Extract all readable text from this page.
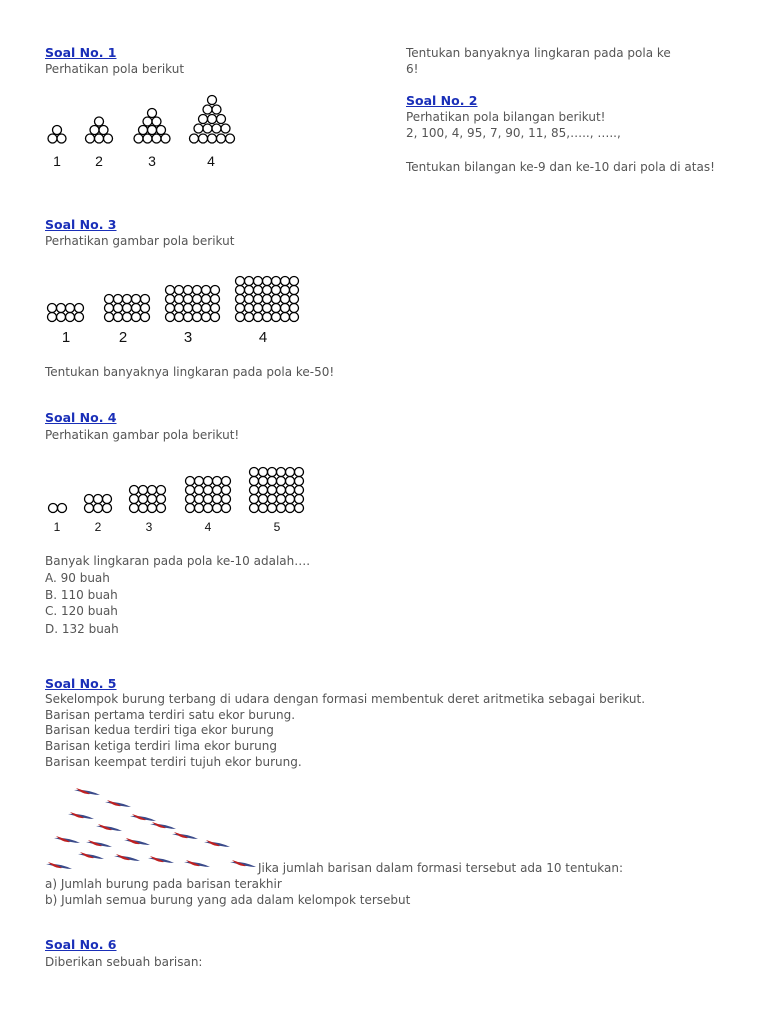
Soal No. 1
Perhatikan pola berikut
1 2	3	4
Tentukan banyaknya lingkaran pada pola ke
6!
Soal No. 2
Perhatikan pola bilangan berikut!
2, 100, 4, 95, 7, 90, 11, 85,….., …..,
Tentukan bilangan ke-9 dan ke-10 dari pola di atas!
Soal No. 3
Perhatikan gambar pola berikut
1	2	3	4
Tentukan banyaknya lingkaran pada pola ke-50!
Soal No. 4
Perhatikan gambar pola berikut!
1	2	3	4	5
Banyak lingkaran pada pola ke-10 adalah….
A. 90 buah
B. 110 buah
C. 120 buah
D. 132 buah
Soal No. 5
Sekelompok burung terbang di udara dengan formasi membentuk deret aritmetika sebagai berikut.
Barisan pertama terdiri satu ekor burung.
Barisan kedua terdiri tiga ekor burung
Barisan ketiga terdiri lima ekor burung
Barisan keempat terdiri tujuh ekor burung.
Jika jumlah barisan dalam formasi tersebut ada 10 tentukan:
a) Jumlah burung pada barisan terakhir
b) Jumlah semua burung yang ada dalam kelompok tersebut
Soal No. 6
Diberikan sebuah barisan:
